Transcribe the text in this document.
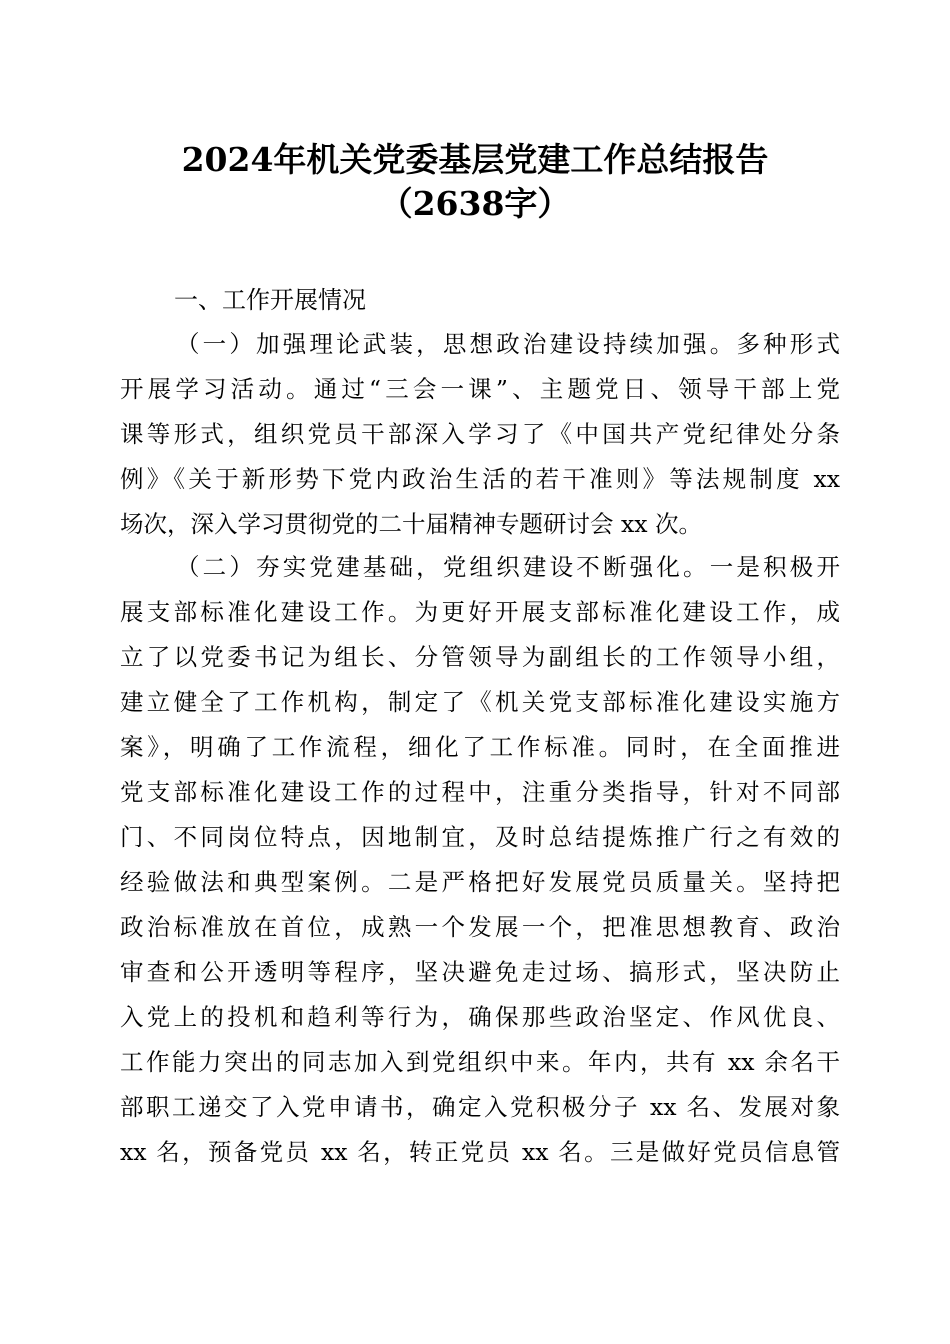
2024年机关党委基层党建工作总结报告
（2638字）
一、工作开展情况
（一）加强理论武装，思想政治建设持续加强。多种形式
开展学习活动。通过“三会一课”、主题党日、领导干部上党
课等形式，组织党员干部深入学习了《中国共产党纪律处分条
例》《关于新形势下党内政治生活的若干准则》等法规制度 xx
场次，深入学习贯彻党的二十届精神专题研讨会 xx 次。
（二）夯实党建基础，党组织建设不断强化。一是积极开
展支部标准化建设工作。为更好开展支部标准化建设工作，成
立了以党委书记为组长、分管领导为副组长的工作领导小组，
建立健全了工作机构，制定了《机关党支部标准化建设实施方
案》，明确了工作流程，细化了工作标准。同时，在全面推进
党支部标准化建设工作的过程中，注重分类指导，针对不同部
门、不同岗位特点，因地制宜，及时总结提炼推广行之有效的
经验做法和典型案例。二是严格把好发展党员质量关。坚持把
政治标准放在首位，成熟一个发展一个，把准思想教育、政治
审查和公开透明等程序，坚决避免走过场、搞形式，坚决防止
入党上的投机和趋利等行为，确保那些政治坚定、作风优良、
工作能力突出的同志加入到党组织中来。年内，共有 xx 余名干
部职工递交了入党申请书，确定入党积极分子 xx 名、发展对象
xx 名，预备党员 xx 名，转正党员 xx 名。三是做好党员信息管
